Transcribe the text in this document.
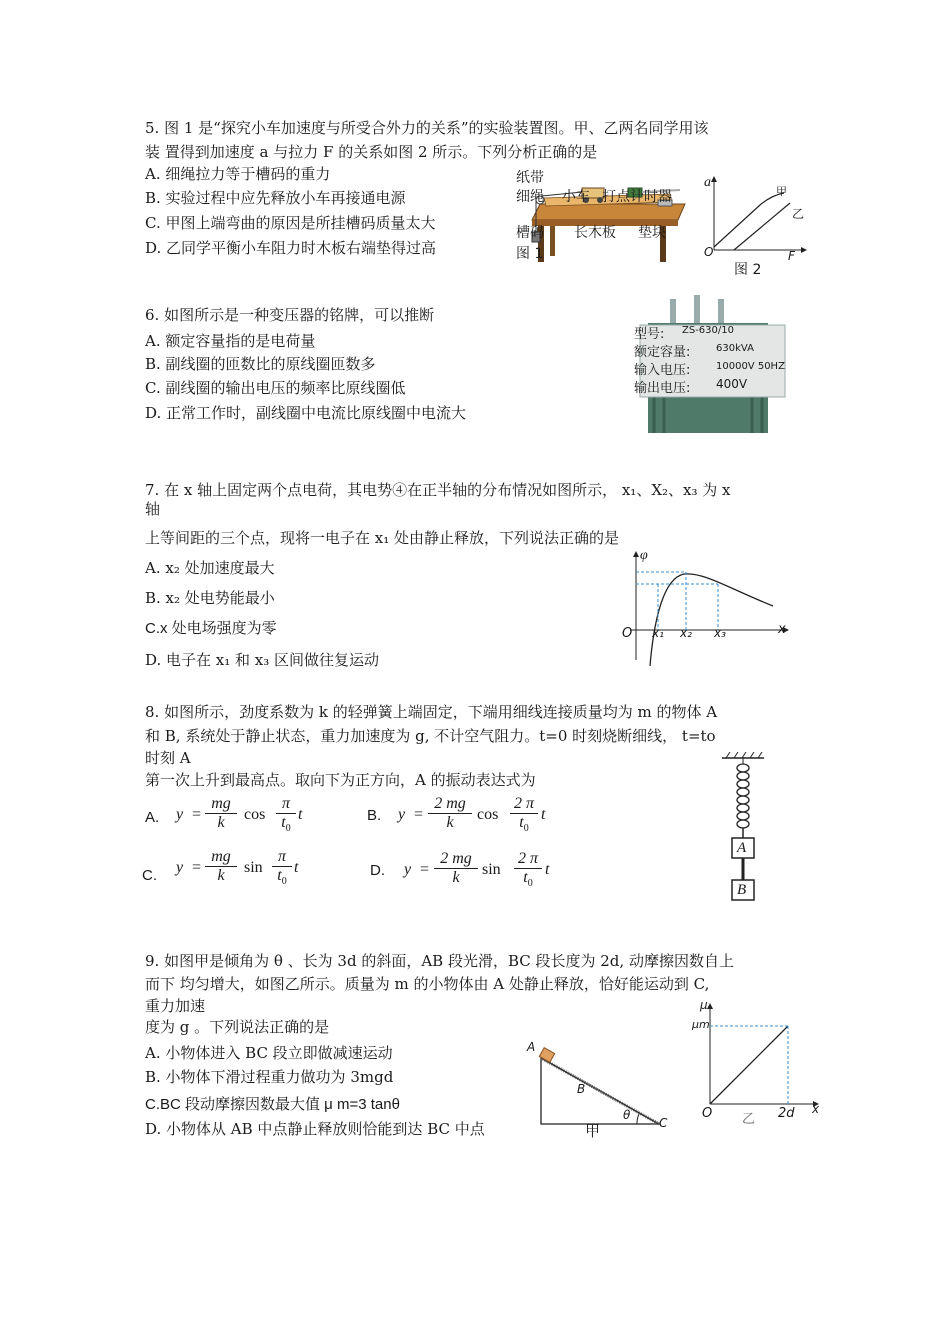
5. 图 1 是“探究小车加速度与所受合外力的关系”的实验装置图。甲、乙两名同学用该
装 置得到加速度 a 与拉力 F 的关系如图 2 所示。下列分析正确的是
A. 细绳拉力等于槽码的重力
B. 实验过程中应先释放小车再接通电源
C. 甲图上端弯曲的原因是所挂槽码质量太大
D. 乙同学平衡小车阻力时木板右端垫得过高
纸带
细绳 小车 打点计时器
槽码 长木板 垫块
图 1
a
甲
乙
O	F
图 2
6. 如图所示是一种变压器的铭牌，可以推断
A. 额定容量指的是电荷量
B. 副线圈的匝数比的原线圈匝数多
C. 副线圈的输出电压的频率比原线圈低
D. 正常工作时，副线圈中电流比原线圈中电流大
型号: ZS-630/10
额定容量:	630kVA
输入电压:	10000V 50HZ
输出电压: 400V
7. 在 x 轴上固定两个点电荷，其电势④在正半轴的分布情况如图所示， x₁、X₂、x₃ 为 x
轴
上等间距的三个点，现将一电子在 x₁ 处由静止释放，下列说法正确的是
A. x₂ 处加速度最大
B. x₂ 处电势能最小
C.x 处电场强度为零
D. 电子在 x₁ 和 x₃ 区间做往复运动
φ
O x₁ x₂ x₃	x
8. 如图所示，劲度系数为 k 的轻弹簧上端固定，下端用细线连接质量均为 m 的物体 A
和 B, 系统处于静止状态，重力加速度为 g, 不计空气阻力。t=0 时刻烧断细线， t=to
时刻 A
第一次上升到最高点。取向下为正方向，A 的振动表达式为
A. $y = \frac{mg}{k}$ $\cos \frac{\pi}{t_0}$ t	B. $y = \frac{2 mg}{k}$ $\cos \frac{2 \pi}{t_0}$ t
C. $y = \frac{mg}{k}$ $\sin \frac{\pi}{t_0}$ t	D. $y = \frac{2 mg}{k}$ $\sin \frac{2 \pi}{t_0}$ t
A
B
9. 如图甲是倾角为 θ 、长为 3d 的斜面，AB 段光滑，BC 段长度为 2d, 动摩擦因数自上
而下 均匀增大，如图乙所示。质量为 m 的小物体由 A 处静止释放，恰好能运动到 C,
重力加速
度为 g 。下列说法正确的是
A. 小物体进入 BC 段立即做减速运动
B. 小物体下滑过程重力做功为 3mgd
C.BC 段动摩擦因数最大值 μ m=3 tanθ
D. 小物体从 AB 中点静止释放则恰能到达 BC 中点
A
B
C
θ
甲
μ
μm
O	2d x
乙
